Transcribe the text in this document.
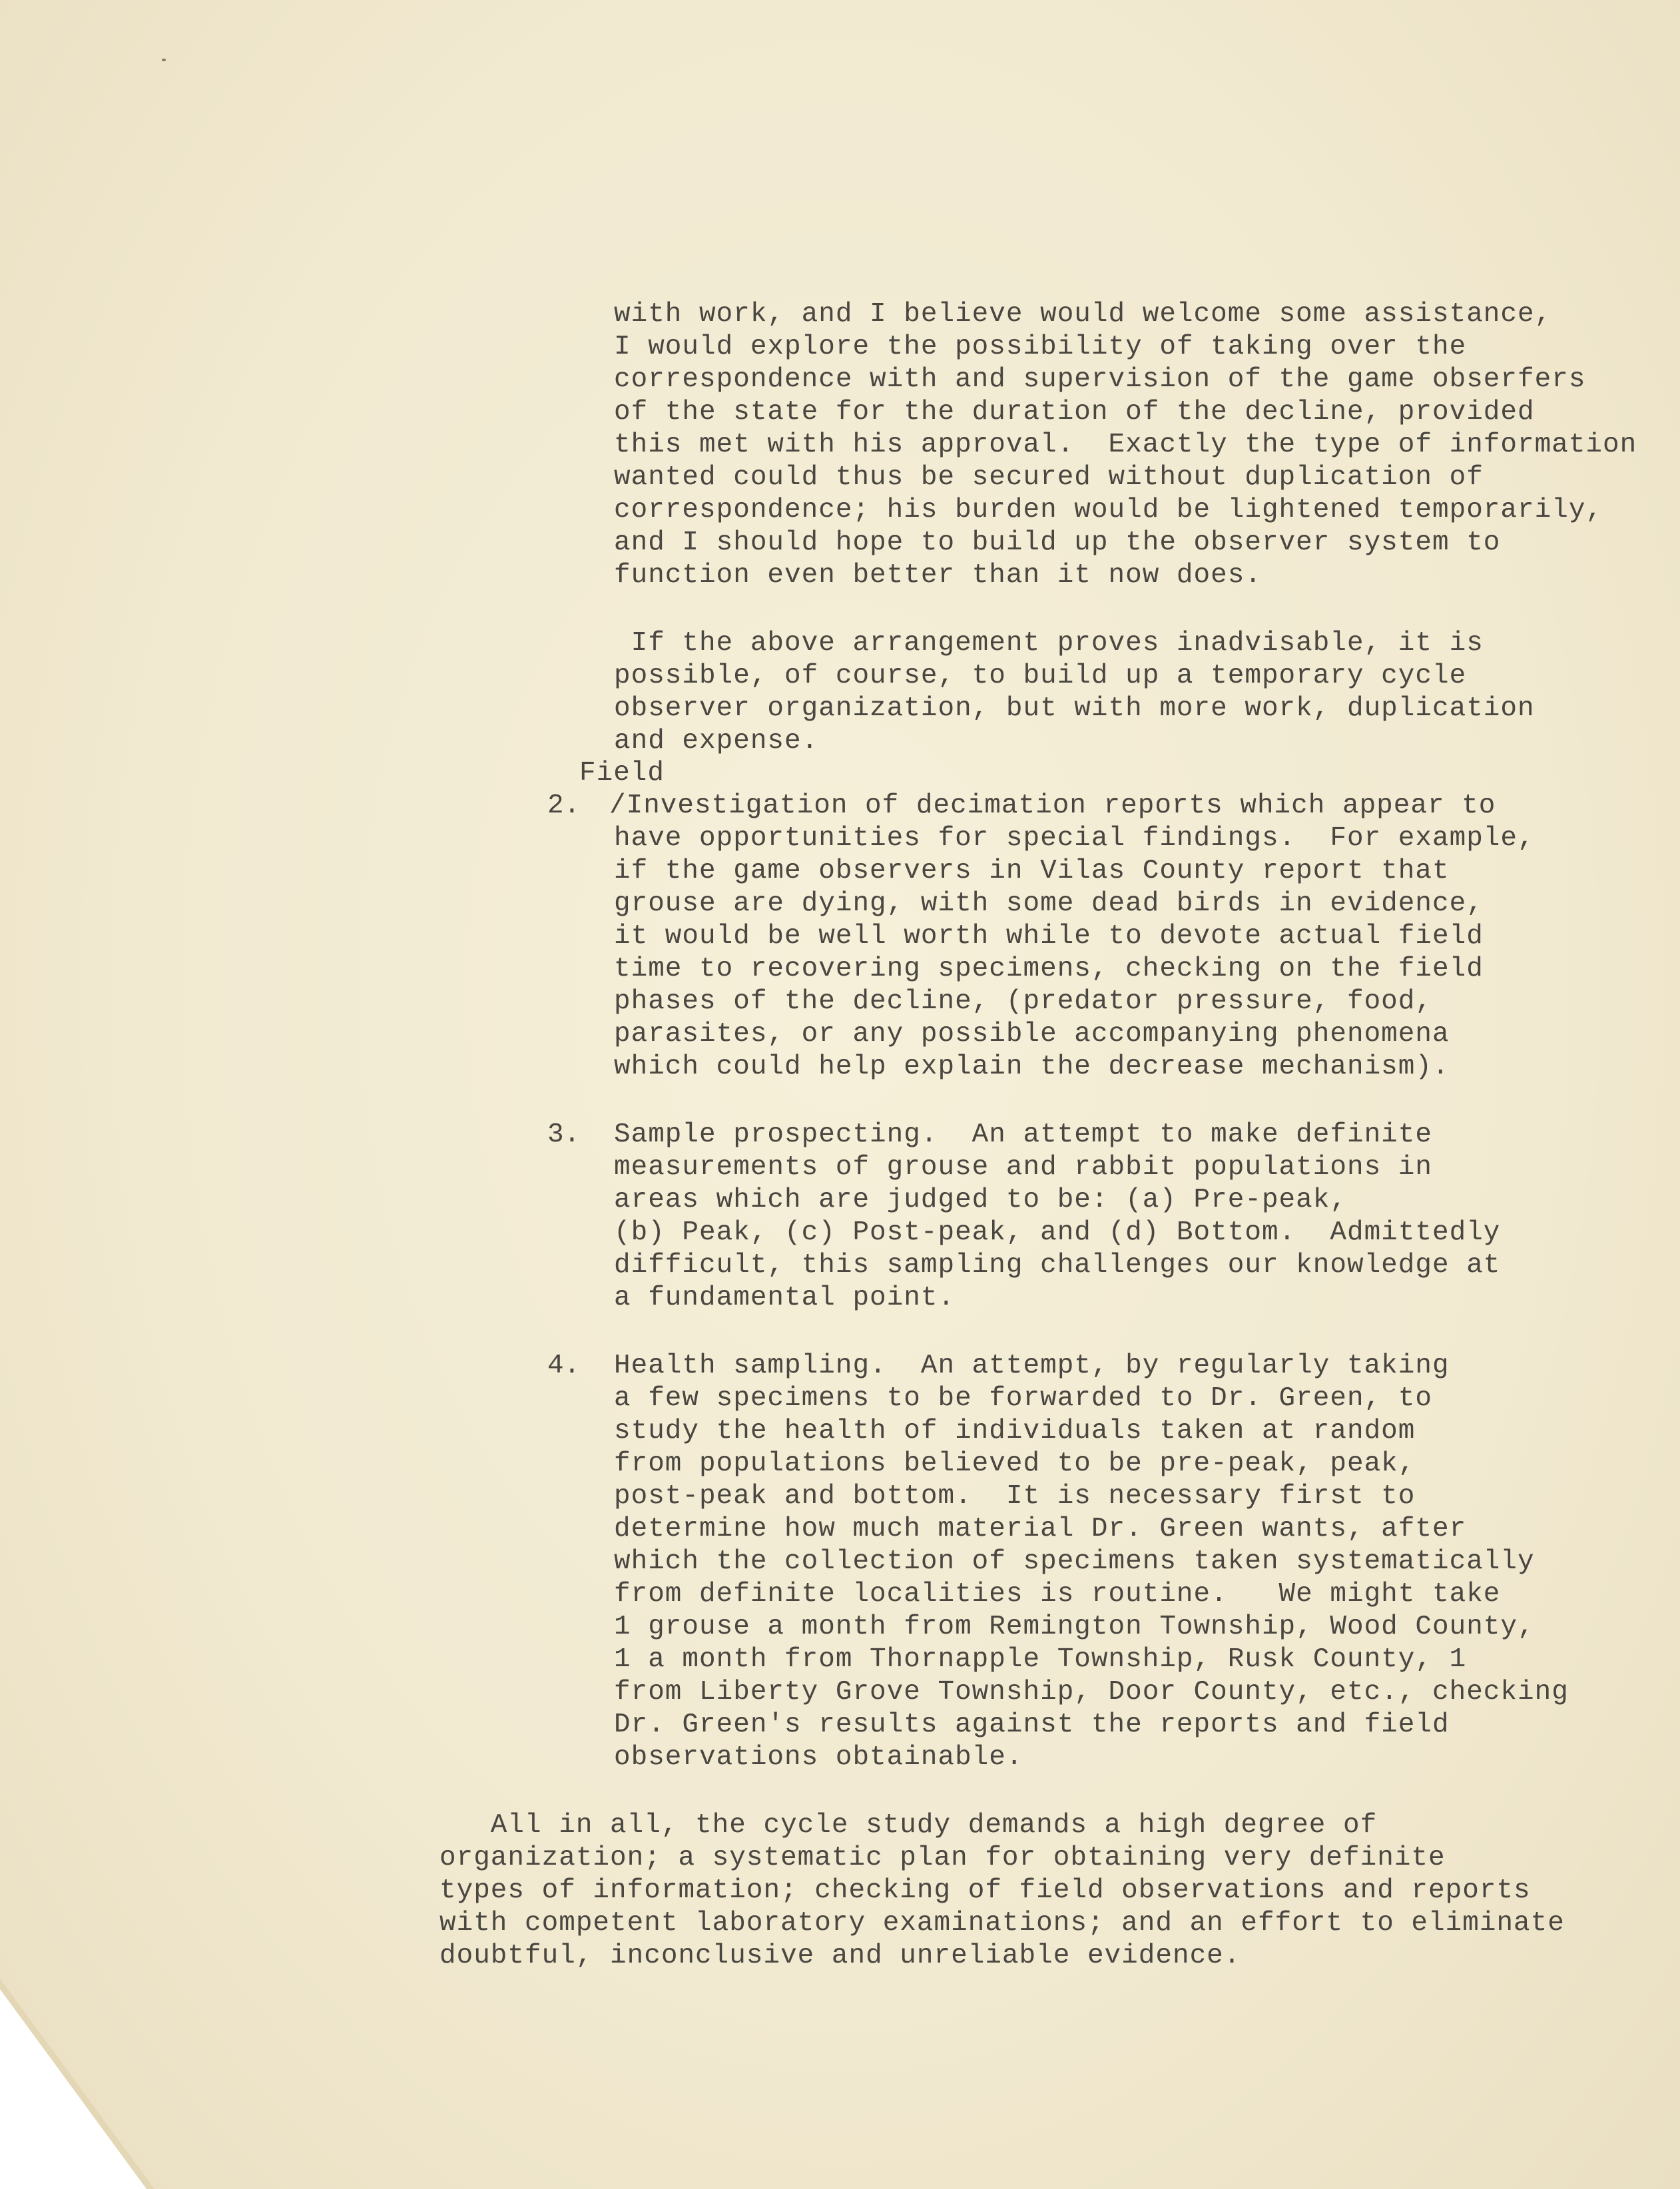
with work, and I believe would welcome some assistance,

I would explore the possibility of taking over the

correspondence with and supervision of the game obserfers

of the state for the duration of the decline, provided

this met with his approval.  Exactly the type of information

wanted could thus be secured without duplication of

correspondence; his burden would be lightened temporarily,

and I should hope to build up the observer system to

function even better than it now does.

If the above arrangement proves inadvisable, it is

possible, of course, to build up a temporary cycle

observer organization, but with more work, duplication

and expense.

Field

2. /Investigation of decimation reports which appear to

have opportunities for special findings.  For example,

if the game observers in Vilas County report that

grouse are dying, with some dead birds in evidence,

it would be well worth while to devote actual field

time to recovering specimens, checking on the field

phases of the decline, (predator pressure, food,

parasites, or any possible accompanying phenomena

which could help explain the decrease mechanism).

3. Sample prospecting.  An attempt to make definite

measurements of grouse and rabbit populations in

areas which are judged to be: (a) Pre-peak,

(b) Peak, (c) Post-peak, and (d) Bottom.  Admittedly

difficult, this sampling challenges our knowledge at

a fundamental point.

4. Health sampling.  An attempt, by regularly taking

a few specimens to be forwarded to Dr. Green, to

study the health of individuals taken at random

from populations believed to be pre-peak, peak,

post-peak and bottom.  It is necessary first to

determine how much material Dr. Green wants, after

which the collection of specimens taken systematically

from definite localities is routine.   We might take

1 grouse a month from Remington Township, Wood County,

1 a month from Thornapple Township, Rusk County, 1

from Liberty Grove Township, Door County, etc., checking

Dr. Green's results against the reports and field

observations obtainable.

All in all, the cycle study demands a high degree of

organization; a systematic plan for obtaining very definite

types of information; checking of field observations and reports

with competent laboratory examinations; and an effort to eliminate

doubtful, inconclusive and unreliable evidence.
